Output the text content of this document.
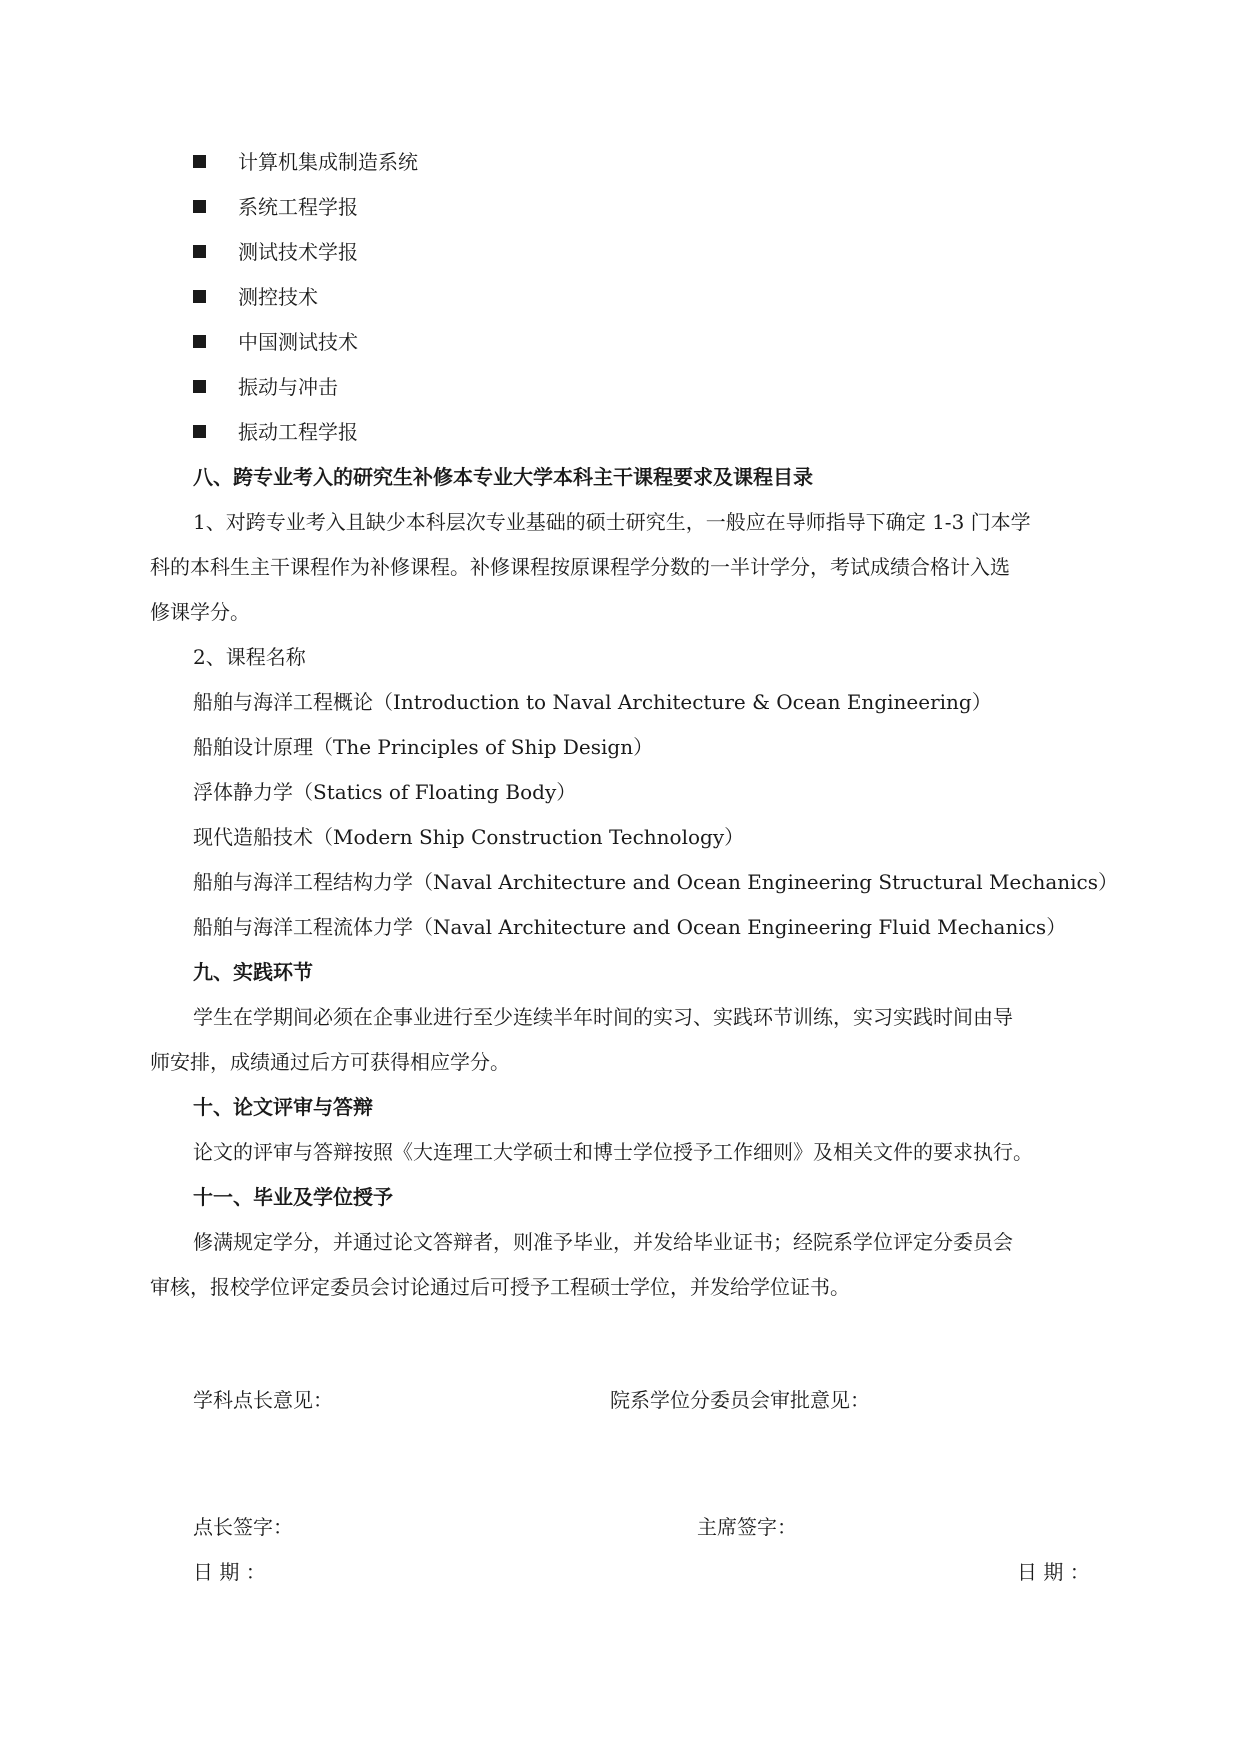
计算机集成制造系统
系统工程学报
测试技术学报
测控技术
中国测试技术
振动与冲击
振动工程学报
八、跨专业考入的研究生补修本专业大学本科主干课程要求及课程目录
1、对跨专业考入且缺少本科层次专业基础的硕士研究生，一般应在导师指导下确定 1-3 门本学
科的本科生主干课程作为补修课程。补修课程按原课程学分数的一半计学分，考试成绩合格计入选
修课学分。
2、课程名称
船舶与海洋工程概论（Introduction to Naval Architecture & Ocean Engineering）
船舶设计原理（The Principles of Ship Design）
浮体静力学（Statics of Floating Body）
现代造船技术（Modern Ship Construction Technology）
船舶与海洋工程结构力学（Naval Architecture and Ocean Engineering Structural Mechanics）
船舶与海洋工程流体力学（Naval Architecture and Ocean Engineering Fluid Mechanics）
九、实践环节
学生在学期间必须在企事业进行至少连续半年时间的实习、实践环节训练，实习实践时间由导
师安排，成绩通过后方可获得相应学分。
十、论文评审与答辩
论文的评审与答辩按照《大连理工大学硕士和博士学位授予工作细则》及相关文件的要求执行。
十一、毕业及学位授予
修满规定学分，并通过论文答辩者，则准予毕业，并发给毕业证书；经院系学位评定分委员会
审核，报校学位评定委员会讨论通过后可授予工程硕士学位，并发给学位证书。
学科点长意见：	院系学位分委员会审批意见：
点长签字：	主席签字：
日 期 ：	日 期 ：
